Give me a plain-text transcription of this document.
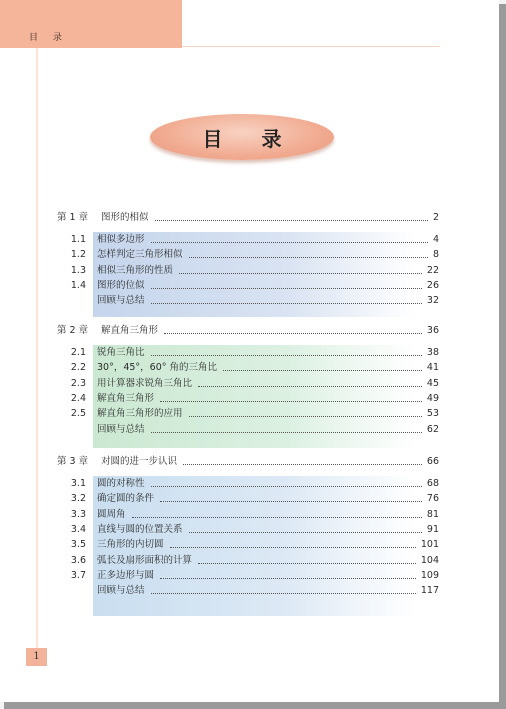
目 录
目 录
第 1 章 图形的相似	2
1.1 相似多边形	4
1.2 怎样判定三角形相似	8
1.3 相似三角形的性质	22
1.4 图形的位似	26
回顾与总结	32
第 2 章 解直角三角形	36
2.1 锐角三角比	38
2.2 30°，45°，60° 角的三角比	41
2.3 用计算器求锐角三角比	45
2.4 解直角三角形	49
2.5 解直角三角形的应用	53
回顾与总结	62
第 3 章 对圆的进一步认识	66
3.1 圆的对称性	68
3.2 确定圆的条件	76
3.3 圆周角	81
3.4 直线与圆的位置关系	91
3.5 三角形的内切圆	101
3.6 弧长及扇形面积的计算	104
3.7 正多边形与圆	109
回顾与总结	117
1
